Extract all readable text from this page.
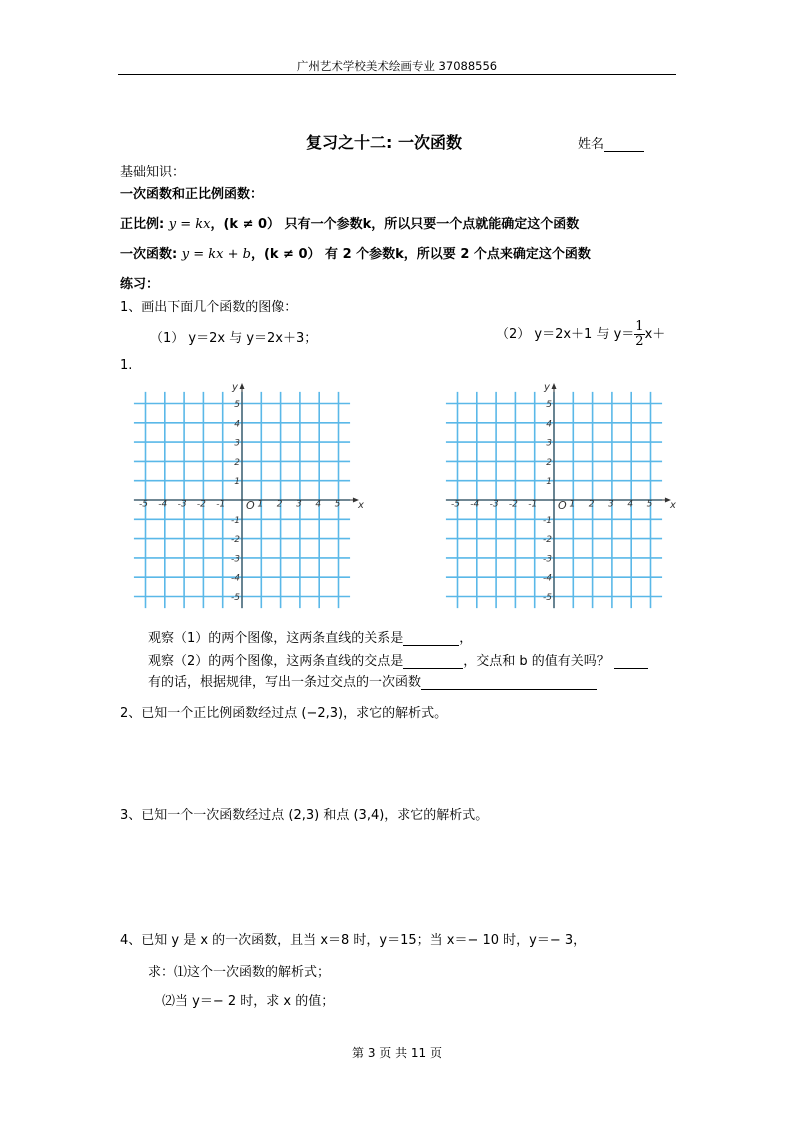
广州艺术学校美术绘画专业 37088556
复习之十二: 一次函数	姓名
基础知识：
一次函数和正比例函数：
正比例: y = kx，(k ≠ 0） 只有一个参数k，所以只要一个点就能确定这个函数
一次函数: y = kx + b，(k ≠ 0） 有 2 个参数k，所以要 2 个点来确定这个函数
练习：
1、画出下面几个函数的图像：
（1） y＝2x 与 y＝2x＋3；	（2） y＝2x＋1 与 $y= \frac{1}{2} x+$
1.
-5 -4 -3 -2 -1	1 2 3 4 5
5
4
3
2
1
-1
-2
-3
-4
-5
O	x
y
-5 -4 -3 -2 -1	1 2 3 4 5
5
4
3
2
1
-1
-2
-3
-4
-5
O	x
y
观察（1）的两个图像，这两条直线的关系是	，
观察（2）的两个图像，这两条直线的交点是	，交点和 b 的值有关吗？
有的话，根据规律，写出一条过交点的一次函数
2、已知一个正比例函数经过点 (−2,3)，求它的解析式。
3、已知一个一次函数经过点 (2,3) 和点 (3,4)，求它的解析式。
4、已知 y 是 x 的一次函数，且当 x＝8 时，y＝15；当 x＝− 10 时，y＝− 3，
求：⑴这个一次函数的解析式；
⑵当 y＝− 2 时，求 x 的值；
第 3 页 共 11 页
